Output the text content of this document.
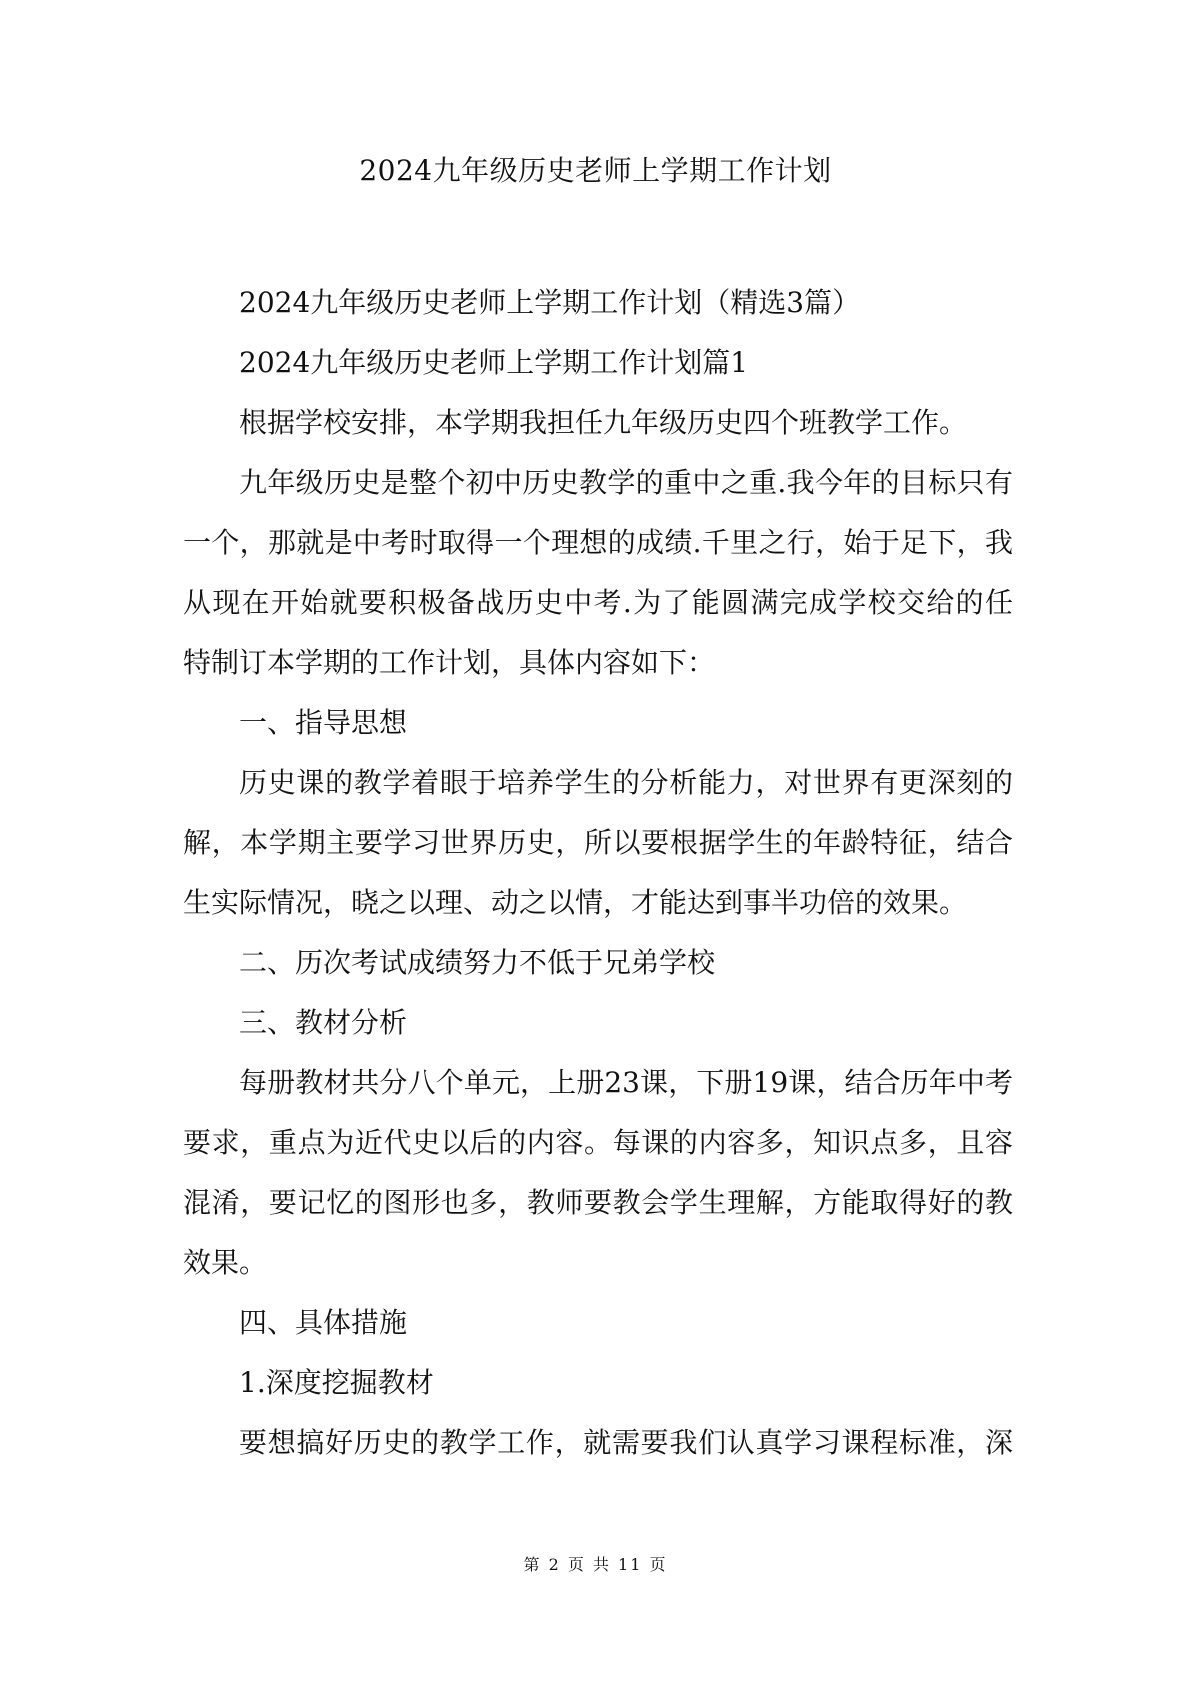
2024九年级历史老师上学期工作计划

2024九年级历史老师上学期工作计划（精选3篇）

2024九年级历史老师上学期工作计划篇1

根据学校安排，本学期我担任九年级历史四个班教学工作。

九年级历史是整个初中历史教学的重中之重.我今年的目标只有

一个，那就是中考时取得一个理想的成绩.千里之行，始于足下，我

从现在开始就要积极备战历史中考.为了能圆满完成学校交给的任

特制订本学期的工作计划，具体内容如下：

一、指导思想

历史课的教学着眼于培养学生的分析能力，对世界有更深刻的

解，本学期主要学习世界历史，所以要根据学生的年龄特征，结合

生实际情况，晓之以理、动之以情，才能达到事半功倍的效果。

二、历次考试成绩努力不低于兄弟学校

三、教材分析

每册教材共分八个单元，上册23课，下册19课，结合历年中考

要求，重点为近代史以后的内容。每课的内容多，知识点多，且容

混淆，要记忆的图形也多，教师要教会学生理解，方能取得好的教

效果。

四、具体措施

1.深度挖掘教材

要想搞好历史的教学工作，就需要我们认真学习课程标准，深

第 2 页 共 11 页
